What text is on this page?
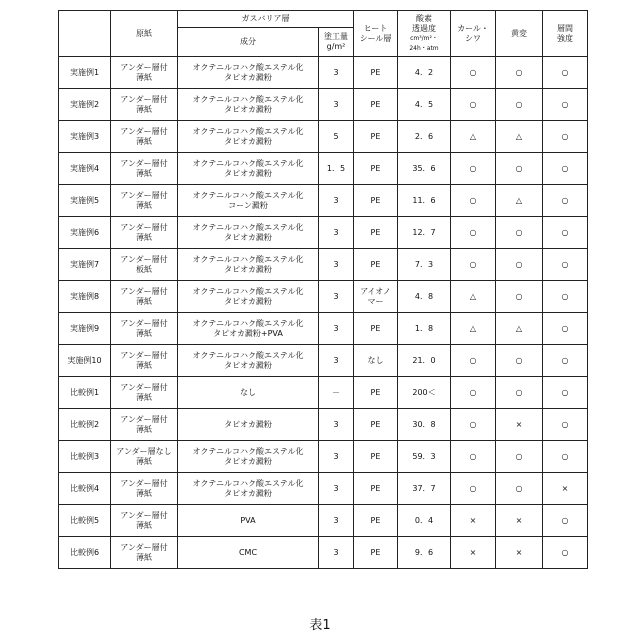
	原紙	ガスバリア層	
ヒート
シール層

酸素
透過度
cm³/m²・
24h・atm
	カール・
シワ	黄変	層間
強度
成分	
塗工量
g/m²

実施例1	アンダー層付
薄紙	オクテニルコハク酸エステル化
タピオカ澱粉	3	PE	4．2	○	○	○
実施例2	アンダー層付
薄紙	オクテニルコハク酸エステル化
タピオカ澱粉	3	PE	4．5	○	○	○
実施例3	アンダー層付
薄紙	オクテニルコハク酸エステル化
タピオカ澱粉	5	PE	2．6	△	△	○
実施例4	アンダー層付
薄紙	オクテニルコハク酸エステル化
タピオカ澱粉	1．5	PE	35．6	○	○	○
実施例5	アンダー層付
薄紙	オクテニルコハク酸エステル化
コーン澱粉	3	PE	11．6	○	△	○
実施例6	アンダー層付
薄紙	オクテニルコハク酸エステル化
タピオカ澱粉	3	PE	12．7	○	○	○
実施例7	アンダー層付
板紙	オクテニルコハク酸エステル化
タピオカ澱粉	3	PE	7．3	○	○	○
実施例8	アンダー層付
薄紙	オクテニルコハク酸エステル化
タピオカ澱粉	3	アイオノ
マー	4．8	△	○	○
実施例9	アンダー層付
薄紙	オクテニルコハク酸エステル化
タピオカ澱粉+PVA	3	PE	1．8	△	△	○
実施例10	アンダー層付
薄紙	オクテニルコハク酸エステル化
タピオカ澱粉	3	なし	21．0	○	○	○
比較例1	アンダー層付
薄紙	なし	－	PE	200＜	○	○	○
比較例2	アンダー層付
薄紙	タピオカ澱粉	3	PE	30．8	○	×	○
比較例3	アンダー層なし
薄紙	オクテニルコハク酸エステル化
タピオカ澱粉	3	PE	59．3	○	○	○
比較例4	アンダー層付
薄紙	オクテニルコハク酸エステル化
タピオカ澱粉	3	PE	37．7	○	○	×
比較例5	アンダー層付
薄紙	PVA	3	PE	0．4	×	×	○
比較例6	アンダー層付
薄紙	CMC	3	PE	9．6	×	×	○
表1
